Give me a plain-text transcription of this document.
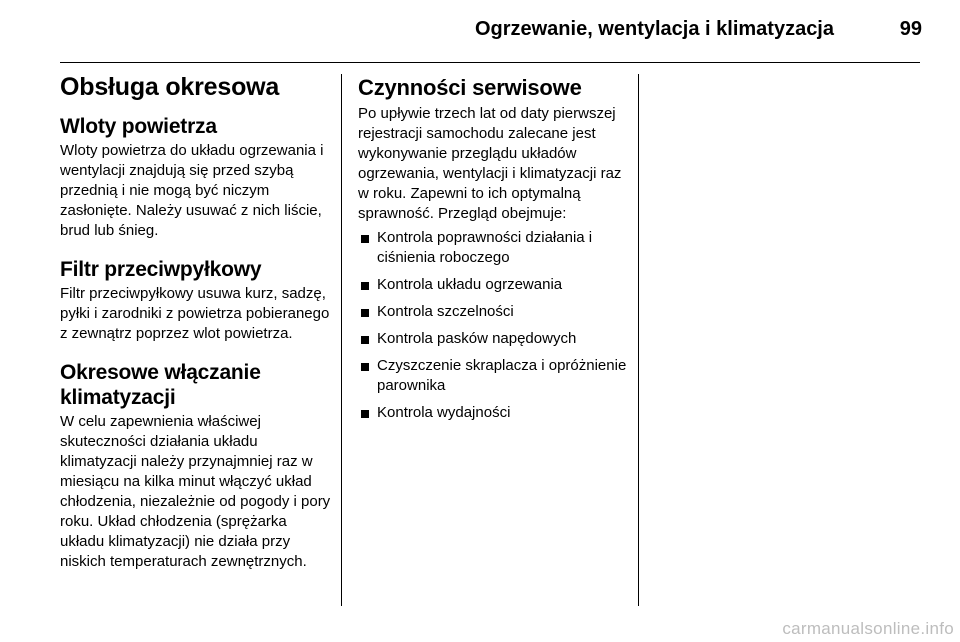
Ogrzewanie, wentylacja i klimatyzacja	99
Obsługa okresowa
Wloty powietrza

Wloty powietrza do układu ogrzewania i wentylacji znajdują się przed szybą przednią i nie mogą być niczym zasłonięte. Należy usuwać z nich liście, brud lub śnieg.

Filtr przeciwpyłkowy

Filtr przeciwpyłkowy usuwa kurz, sadzę, pyłki i zarodniki z powietrza pobieranego z zewnątrz poprzez wlot powietrza.

Okresowe włączanie klimatyzacji

W celu zapewnienia właściwej skuteczności działania układu klimatyzacji należy przynajmniej raz w miesiącu na kilka minut włączyć układ chłodzenia, niezależnie od pogody i pory roku. Układ chłodzenia (sprężarka układu klimatyzacji) nie działa przy niskich temperaturach zewnętrznych.

Czynności serwisowe

Po upływie trzech lat od daty pierwszej rejestracji samochodu zalecane jest wykonywanie przeglądu układów ogrzewania, wentylacji i klimatyzacji raz w roku. Zapewni to ich optymalną sprawność. Przegląd obejmuje:

Kontrola poprawności działania i ciśnienia roboczego
Kontrola układu ogrzewania
Kontrola szczelności
Kontrola pasków napędowych
Czyszczenie skraplacza i opróżnienie parownika
Kontrola wydajności
carmanualsonline.info
